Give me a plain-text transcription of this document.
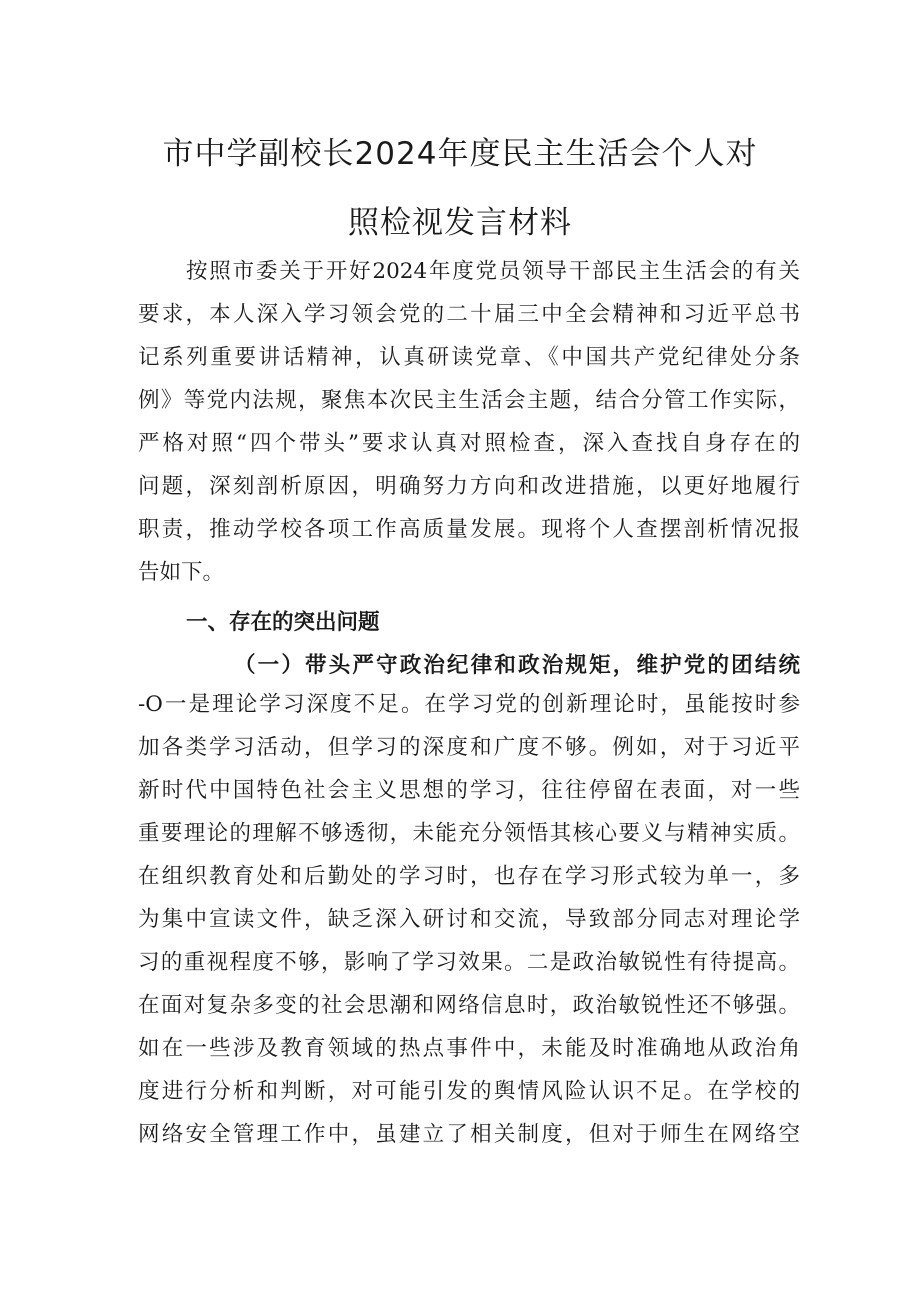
市中学副校长2024年度民主生活会个人对
照检视发言材料
按照市委关于开好2024年度党员领导干部民主生活会的有关
要求，本人深入学习领会党的二十届三中全会精神和习近平总书
记系列重要讲话精神，认真研读党章、《中国共产党纪律处分条
例》等党内法规，聚焦本次民主生活会主题，结合分管工作实际，
严格对照“四个带头”要求认真对照检查，深入查找自身存在的
问题，深刻剖析原因，明确努力方向和改进措施，以更好地履行
职责，推动学校各项工作高质量发展。现将个人查摆剖析情况报
告如下。
一、存在的突出问题
（一）带头严守政治纪律和政治规矩，维护党的团结统
-O一是理论学习深度不足。在学习党的创新理论时，虽能按时参
加各类学习活动，但学习的深度和广度不够。例如，对于习近平
新时代中国特色社会主义思想的学习，往往停留在表面，对一些
重要理论的理解不够透彻，未能充分领悟其核心要义与精神实质。
在组织教育处和后勤处的学习时，也存在学习形式较为单一，多
为集中宣读文件，缺乏深入研讨和交流，导致部分同志对理论学
习的重视程度不够，影响了学习效果。二是政治敏锐性有待提高。
在面对复杂多变的社会思潮和网络信息时，政治敏锐性还不够强。
如在一些涉及教育领域的热点事件中，未能及时准确地从政治角
度进行分析和判断，对可能引发的舆情风险认识不足。在学校的
网络安全管理工作中，虽建立了相关制度，但对于师生在网络空
